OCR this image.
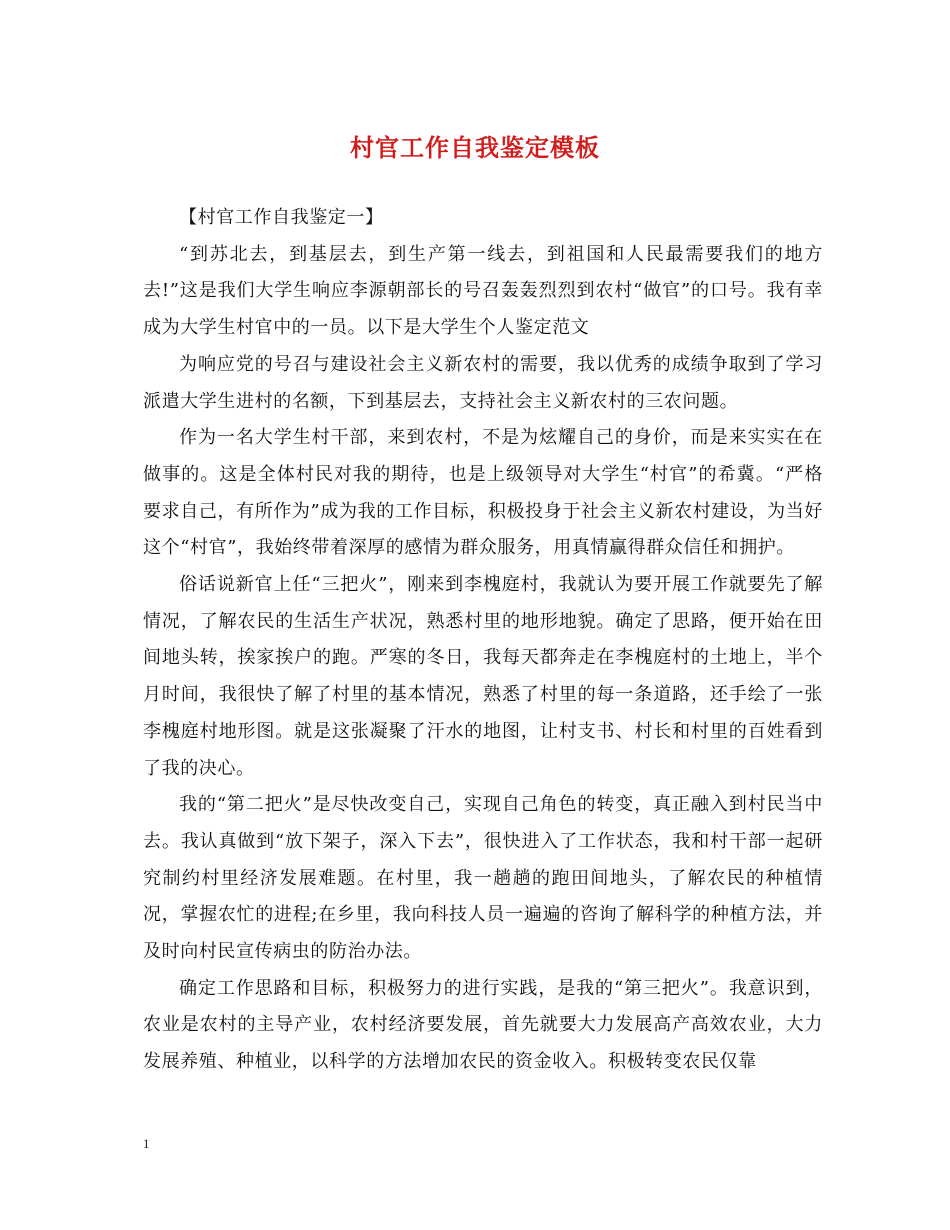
村官工作自我鉴定模板

【村官工作自我鉴定一】

“到苏北去，到基层去，到生产第一线去，到祖国和人民最需要我们的地方去!”这是我们大学生响应李源朝部长的号召轰轰烈烈到农村“做官”的口号。我有幸成为大学生村官中的一员。以下是大学生个人鉴定范文

为响应党的号召与建设社会主义新农村的需要，我以优秀的成绩争取到了学习派遣大学生进村的名额，下到基层去，支持社会主义新农村的三农问题。

作为一名大学生村干部，来到农村，不是为炫耀自己的身价，而是来实实在在做事的。这是全体村民对我的期待，也是上级领导对大学生“村官”的希冀。“严格要求自己，有所作为”成为我的工作目标，积极投身于社会主义新农村建设，为当好这个“村官”，我始终带着深厚的感情为群众服务，用真情赢得群众信任和拥护。

俗话说新官上任“三把火”，刚来到李槐庭村，我就认为要开展工作就要先了解情况，了解农民的生活生产状况，熟悉村里的地形地貌。确定了思路，便开始在田间地头转，挨家挨户的跑。严寒的冬日，我每天都奔走在李槐庭村的土地上，半个月时间，我很快了解了村里的基本情况，熟悉了村里的每一条道路，还手绘了一张李槐庭村地形图。就是这张凝聚了汗水的地图，让村支书、村长和村里的百姓看到了我的决心。

我的“第二把火”是尽快改变自己，实现自己角色的转变，真正融入到村民当中去。我认真做到“放下架子，深入下去”，很快进入了工作状态，我和村干部一起研究制约村里经济发展难题。在村里，我一趟趟的跑田间地头，了解农民的种植情况，掌握农忙的进程;在乡里，我向科技人员一遍遍的咨询了解科学的种植方法，并及时向村民宣传病虫的防治办法。

确定工作思路和目标，积极努力的进行实践，是我的“第三把火”。我意识到，农业是农村的主导产业，农村经济要发展，首先就要大力发展高产高效农业，大力发展养殖、种植业，以科学的方法增加农民的资金收入。积极转变农民仅靠

1
